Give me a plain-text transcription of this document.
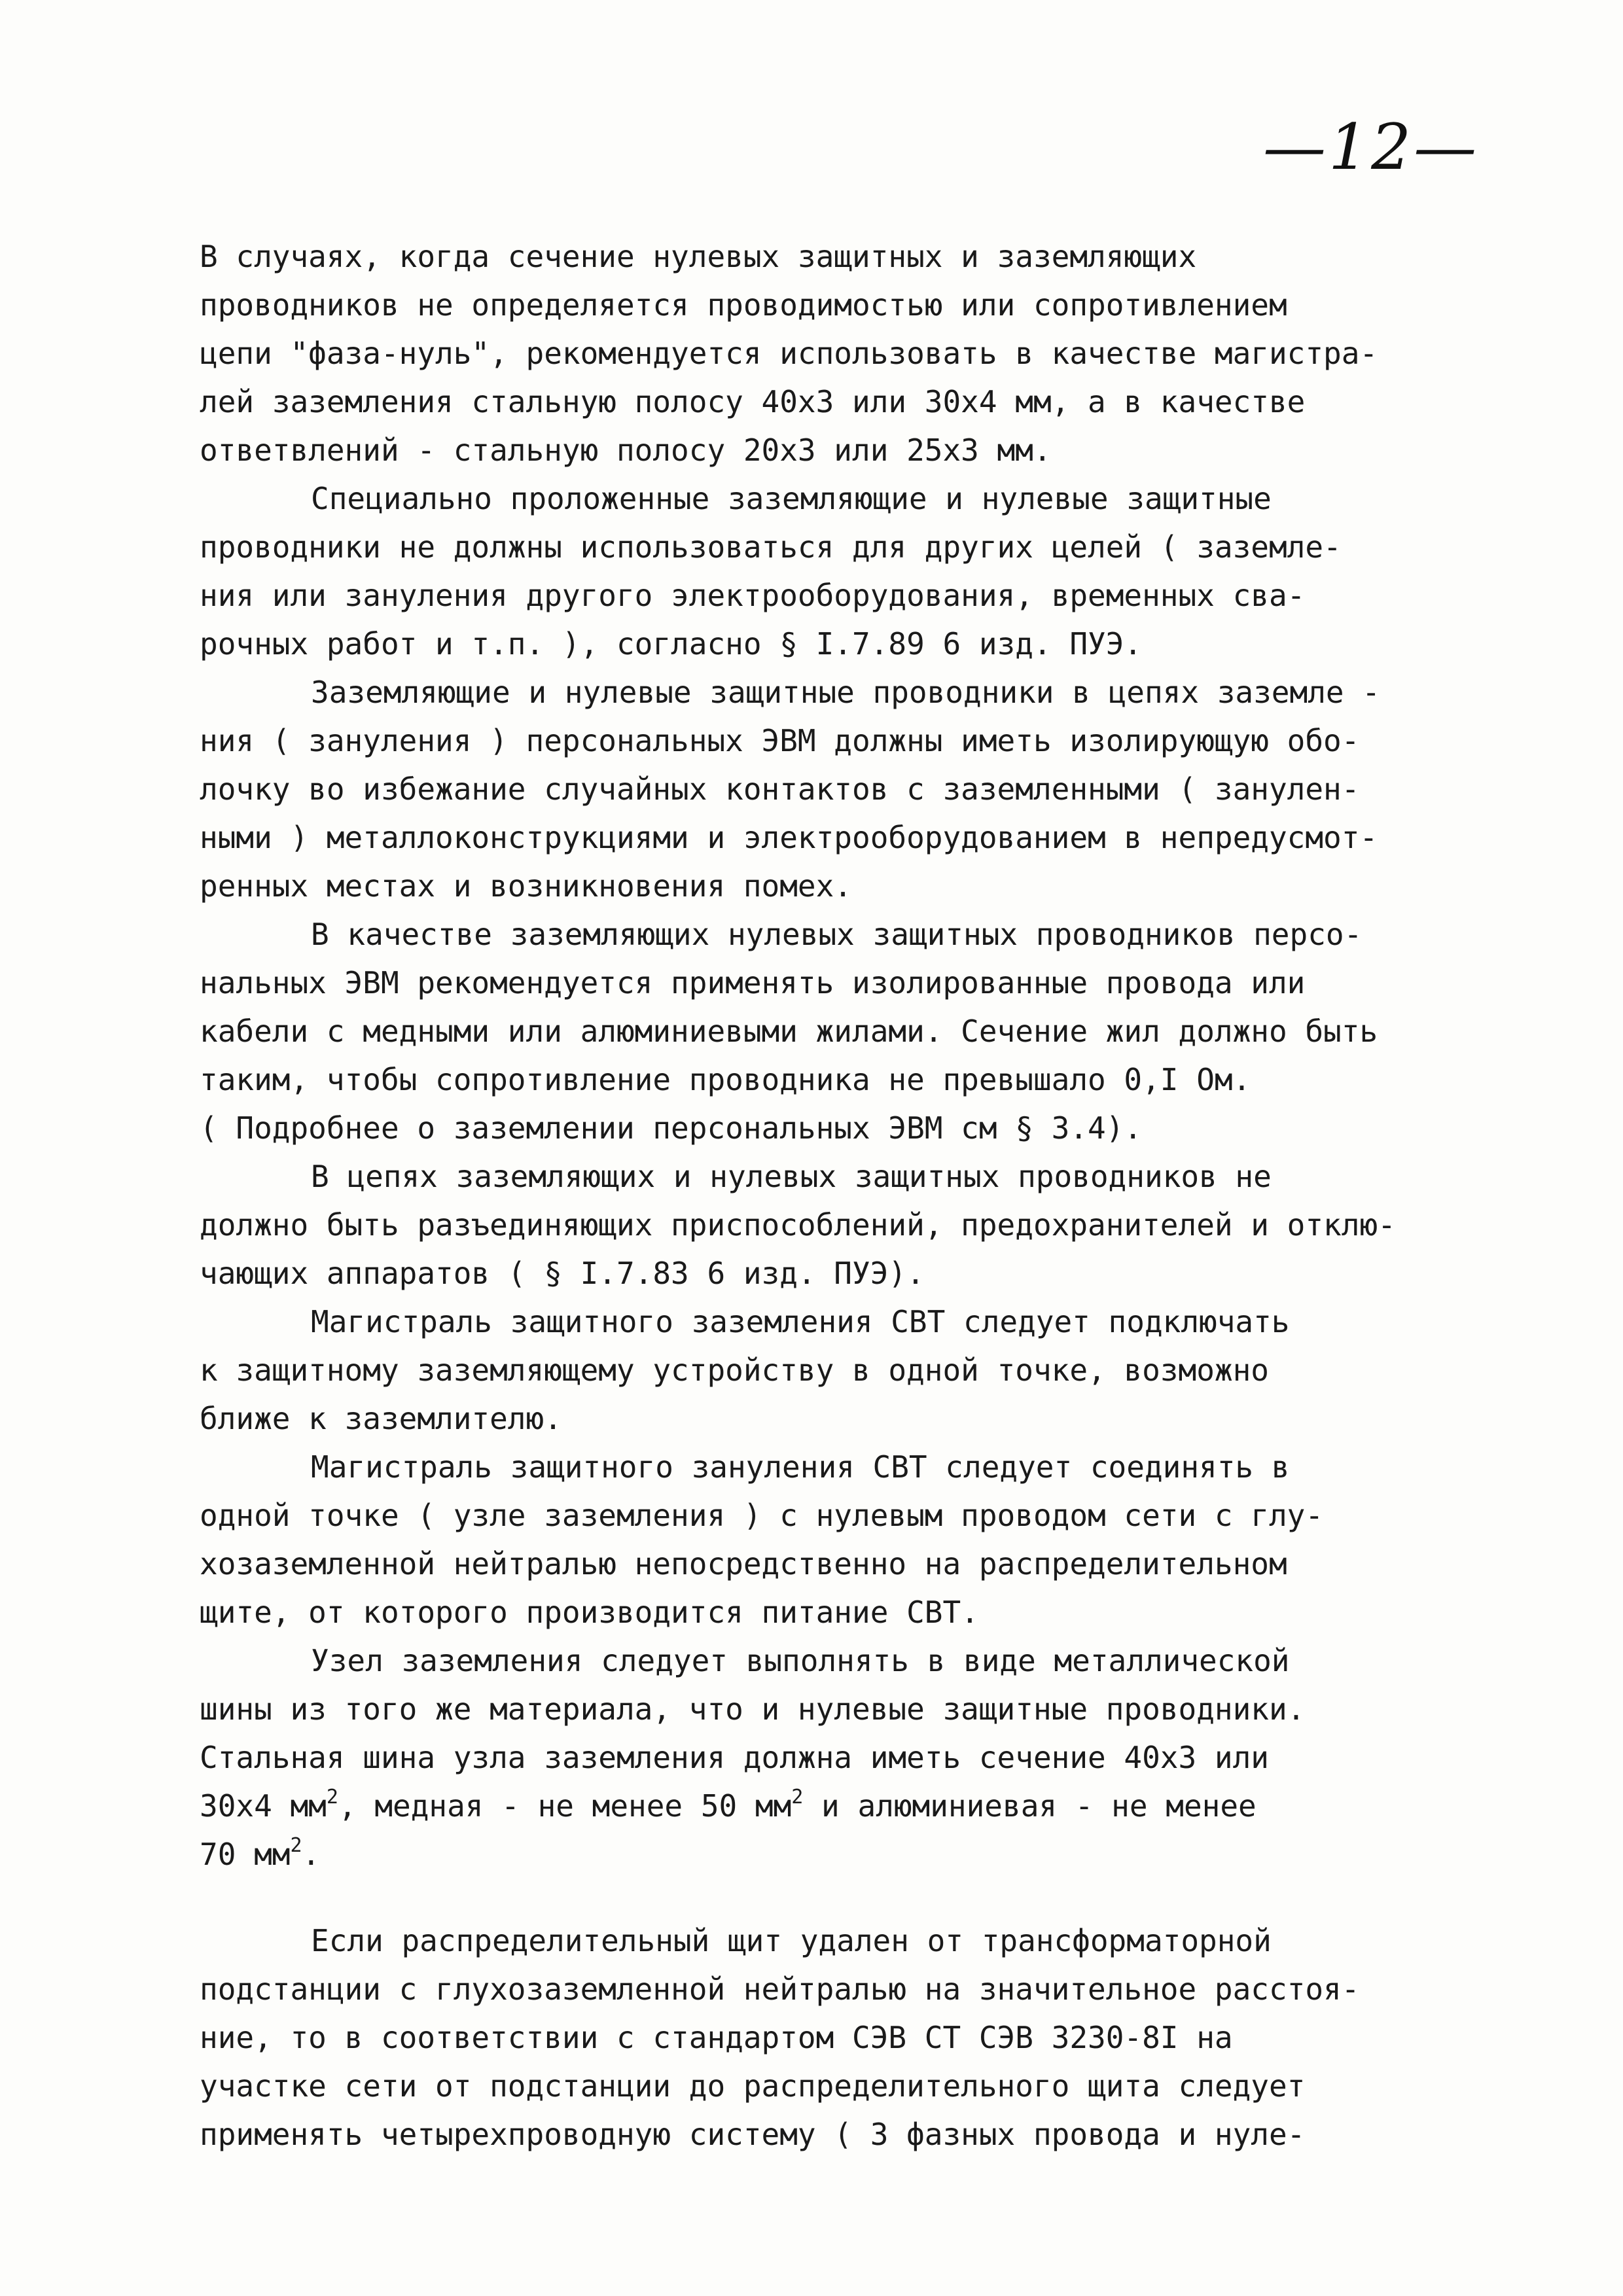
—12—
В случаях, когда сечение нулевых защитных и заземляющих
проводников не определяется проводимостью или сопротивлением
цепи "фаза-нуль", рекомендуется использовать в качестве магистра-
лей заземления стальную полосу 40х3 или 30х4 мм, а в качестве
ответвлений - стальную полосу 20х3 или 25х3 мм.
Специально проложенные заземляющие и нулевые защитные
проводники не должны использоваться для других целей ( заземле-
ния или зануления другого электрооборудования, временных сва-
рочных работ и т.п. ), согласно § I.7.89 6 изд. ПУЭ.
Заземляющие и нулевые защитные проводники в цепях заземле -
ния ( зануления ) персональных ЭВМ должны иметь изолирующую обо-
лочку во избежание случайных контактов с заземленными ( занулен-
ными ) металлоконструкциями и электрооборудованием в непредусмот-
ренных местах и возникновения помех.
В качестве заземляющих нулевых защитных проводников персо-
нальных ЭВМ рекомендуется применять изолированные провода или
кабели с медными или алюминиевыми жилами. Сечение жил должно быть
таким, чтобы сопротивление проводника не превышало 0,I Ом.
( Подробнее о заземлении персональных ЭВМ см § 3.4).
В цепях заземляющих и нулевых защитных проводников не
должно быть разъединяющих приспособлений, предохранителей и отклю-
чающих аппаратов ( § I.7.83 6 изд. ПУЭ).
Магистраль защитного заземления СВТ следует подключать
к защитному заземляющему устройству в одной точке, возможно
ближе к заземлителю.
Магистраль защитного зануления СВТ следует соединять в
одной точке ( узле заземления ) с нулевым проводом сети с глу-
хозаземленной нейтралью непосредственно на распределительном
щите, от которого производится питание СВТ.
Узел заземления следует выполнять в виде металлической
шины из того же материала, что и нулевые защитные проводники.
Стальная шина узла заземления должна иметь сечение 40х3 или
30х4 $мм^2$, медная - не менее 50 $мм^2$ и алюминиевая - не менее
70 $мм^2$.
Если распределительный щит удален от трансформаторной
подстанции с глухозаземленной нейтралью на значительное расстоя-
ние, то в соответствии с стандартом СЭВ СТ СЭВ 3230-8I на
участке сети от подстанции до распределительного щита следует
применять четырехпроводную систему ( 3 фазных провода и нуле-
